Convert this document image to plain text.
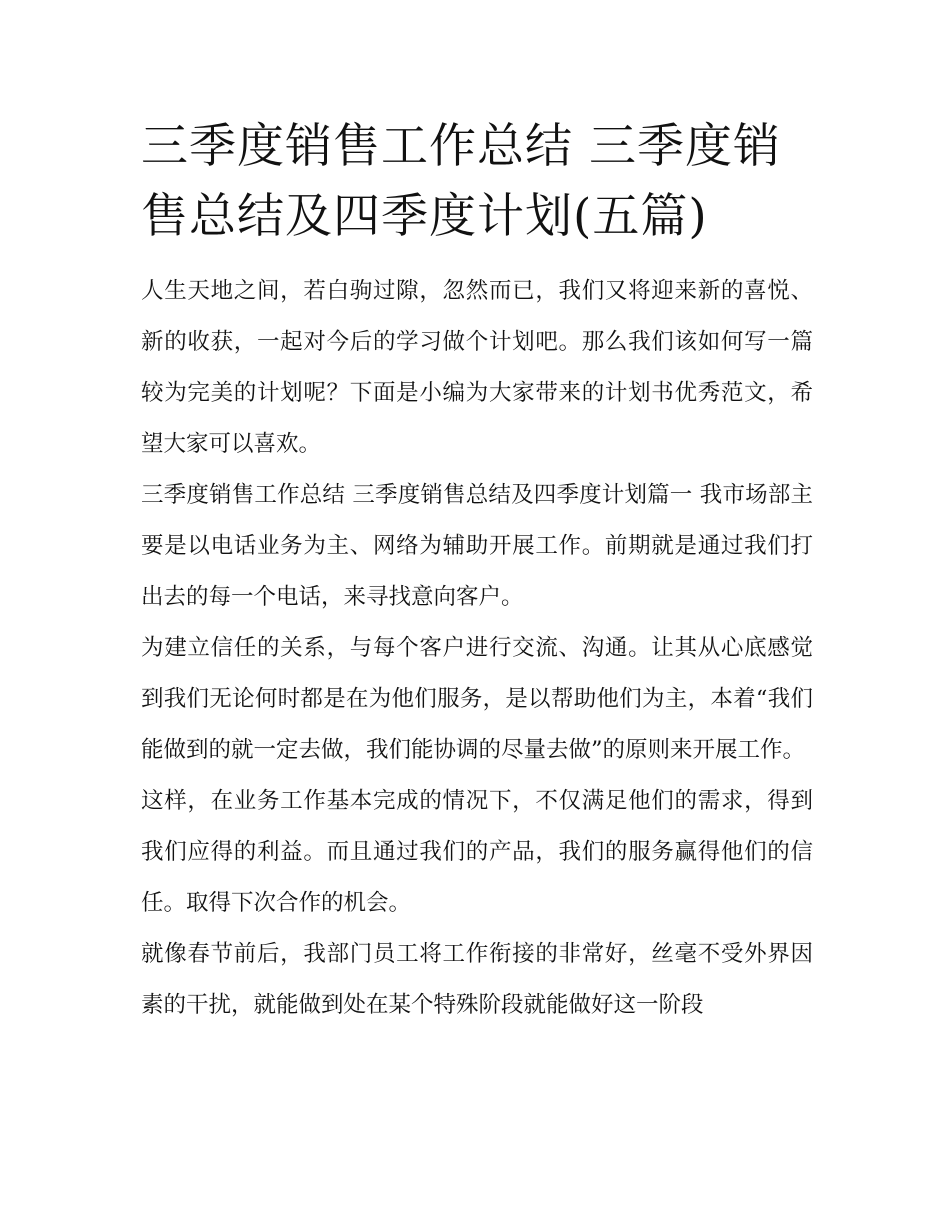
三季度销售工作总结 三季度销售总结及四季度计划(五篇)

人生天地之间，若白驹过隙，忽然而已，我们又将迎来新的喜悦、新的收获，一起对今后的学习做个计划吧。那么我们该如何写一篇较为完美的计划呢？下面是小编为大家带来的计划书优秀范文，希望大家可以喜欢。

三季度销售工作总结 三季度销售总结及四季度计划篇一 我市场部主要是以电话业务为主、网络为辅助开展工作。前期就是通过我们打出去的每一个电话，来寻找意向客户。

为建立信任的关系，与每个客户进行交流、沟通。让其从心底感觉到我们无论何时都是在为他们服务，是以帮助他们为主，本着“我们能做到的就一定去做，我们能协调的尽量去做”的原则来开展工作。

这样，在业务工作基本完成的情况下，不仅满足他们的需求，得到我们应得的利益。而且通过我们的产品，我们的服务赢得他们的信任。取得下次合作的机会。

就像春节前后，我部门员工将工作衔接的非常好，丝毫不受外界因素的干扰，就能做到处在某个特殊阶段就能做好这一阶段
